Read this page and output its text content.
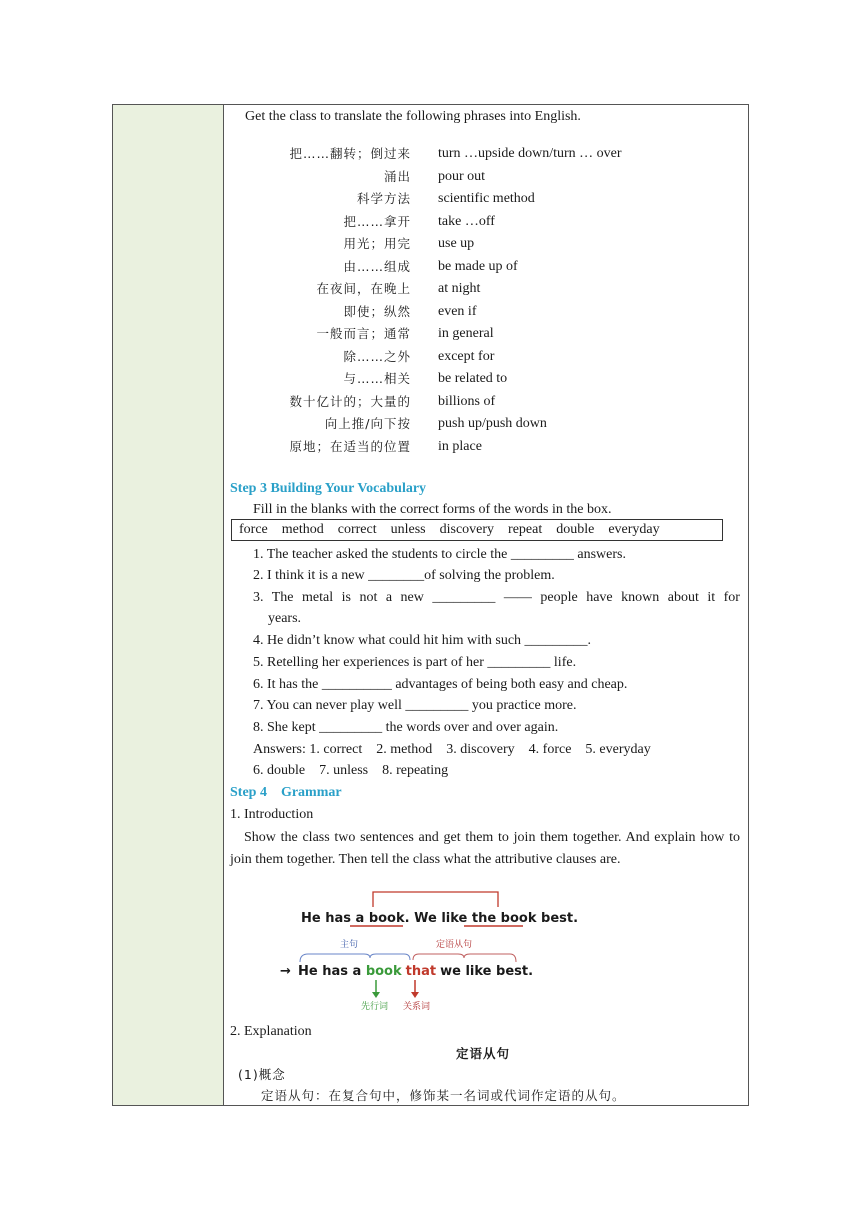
Get the class to translate the following phrases into English.
把……翻转；倒过来 turn …upside down/turn … over
涌出 pour out
科学方法 scientific method
把……拿开 take …off
用光；用完 use up
由……组成 be made up of
在夜间，在晚上 at night
即使；纵然 even if
一般而言；通常 in general
除……之外 except for
与……相关 be related to
数十亿计的；大量的 billions of
向上推/向下按 push up/push down
原地；在适当的位置 in place
Step 3 Building Your Vocabulary
Fill in the blanks with the correct forms of the words in the box.
force    method    correct    unless    discovery    repeat    double    everyday
1. The teacher asked the students to circle the _________ answers.
2. I think it is a new ________of solving the problem.
3. The metal is not a new _________ —— people have known about it for
years.
4. He didn’t know what could hit him with such _________.
5. Retelling her experiences is part of her _________ life.
6. It has the __________ advantages of being both easy and cheap.
7. You can never play well _________ you practice more.
8. She kept _________ the words over and over again.
Answers: 1. correct    2. method    3. discovery    4. force    5. everyday
6. double    7. unless    8. repeating
Step 4    Grammar
1. Introduction
Show the class two sentences and get them to join them together. And explain how to join them together. Then tell the class what the attributive clauses are.
He has a book. We like the book best.
主句	定语从句
→ He has a book that we like best.
先行词 关系词
2. Explanation
定语从句
(1)概念
定语从句：在复合句中，修饰某一名词或代词作定语的从句。
